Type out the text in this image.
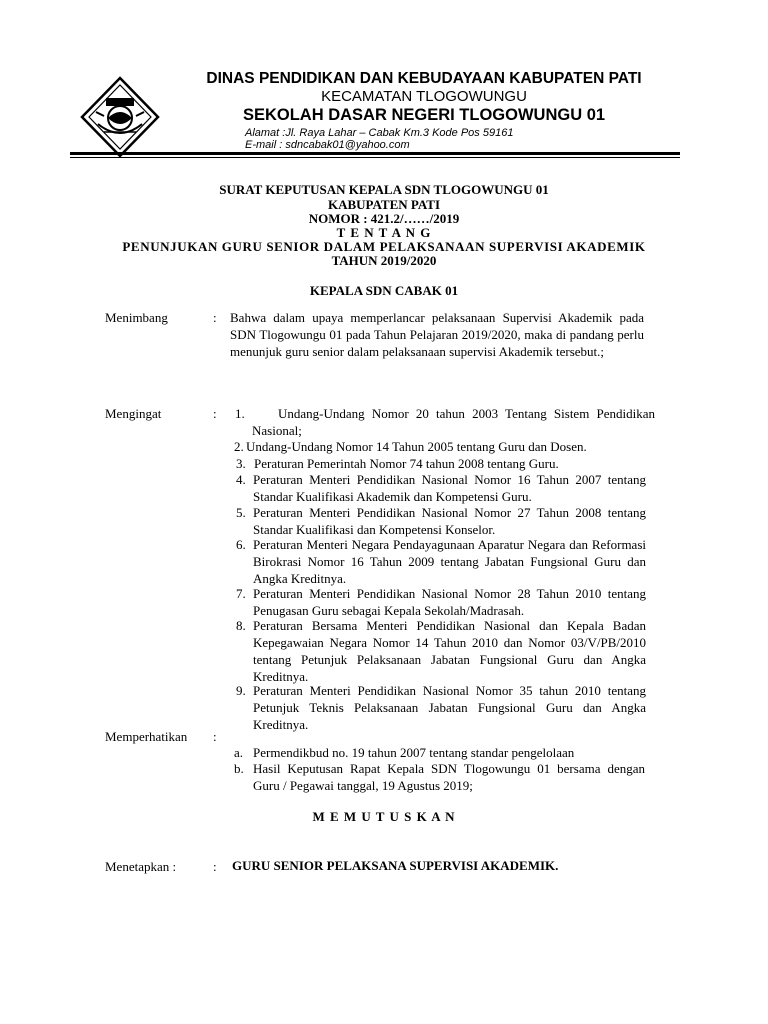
DINAS PENDIDIKAN DAN KEBUDAYAAN KABUPATEN PATI
KECAMATAN TLOGOWUNGU
SEKOLAH DASAR NEGERI TLOGOWUNGU 01
Alamat :Jl. Raya Lahar – Cabak Km.3 Kode Pos 59161
E-mail : sdncabak01@yahoo.com
SURAT KEPUTUSAN KEPALA SDN TLOGOWUNGU 01
KABUPATEN PATI
NOMOR : 421.2/……/2019
T E N T A N G
PENUNJUKAN GURU SENIOR DALAM PELAKSANAAN SUPERVISI AKADEMIK
TAHUN 2019/2020
KEPALA SDN CABAK 01
Menimbang	: Bahwa dalam upaya memperlancar pelaksanaan Supervisi Akademik pada SDN Tlogowungu 01 pada Tahun Pelajaran 2019/2020, maka di pandang perlu menunjuk guru senior dalam pelaksanaan supervisi Akademik tersebut.;
Mengingat	: 1.	Undang-Undang Nomor 20 tahun 2003 Tentang Sistem Pendidikan Nasional;
2. Undang-Undang Nomor 14 Tahun 2005 tentang Guru dan Dosen.
3. Peraturan Pemerintah Nomor 74 tahun 2008 tentang Guru.
4. Peraturan Menteri Pendidikan Nasional Nomor 16 Tahun 2007 tentang Standar Kualifikasi Akademik dan Kompetensi Guru.
5. Peraturan Menteri Pendidikan Nasional Nomor 27 Tahun 2008 tentang Standar Kualifikasi dan Kompetensi Konselor.
6. Peraturan Menteri Negara Pendayagunaan Aparatur Negara dan Reformasi Birokrasi Nomor 16 Tahun 2009 tentang Jabatan Fungsional Guru dan Angka Kreditnya.
7. Peraturan Menteri Pendidikan Nasional Nomor 28 Tahun 2010 tentang Penugasan Guru sebagai Kepala Sekolah/Madrasah.
8. Peraturan Bersama Menteri Pendidikan Nasional dan Kepala Badan Kepegawaian Negara Nomor 14 Tahun 2010 dan Nomor 03/V/PB/2010 tentang Petunjuk Pelaksanaan Jabatan Fungsional Guru dan Angka Kreditnya.
9. Peraturan Menteri Pendidikan Nasional Nomor 35 tahun 2010 tentang Petunjuk Teknis Pelaksanaan Jabatan Fungsional Guru dan Angka Kreditnya.
Memperhatikan :
a. Permendikbud no. 19 tahun 2007 tentang standar pengelolaan
b. Hasil Keputusan Rapat Kepala SDN Tlogowungu 01 bersama dengan Guru / Pegawai tanggal, 19 Agustus 2019;
M E M U T U S K A N
Menetapkan :	: GURU SENIOR PELAKSANA SUPERVISI AKADEMIK.
